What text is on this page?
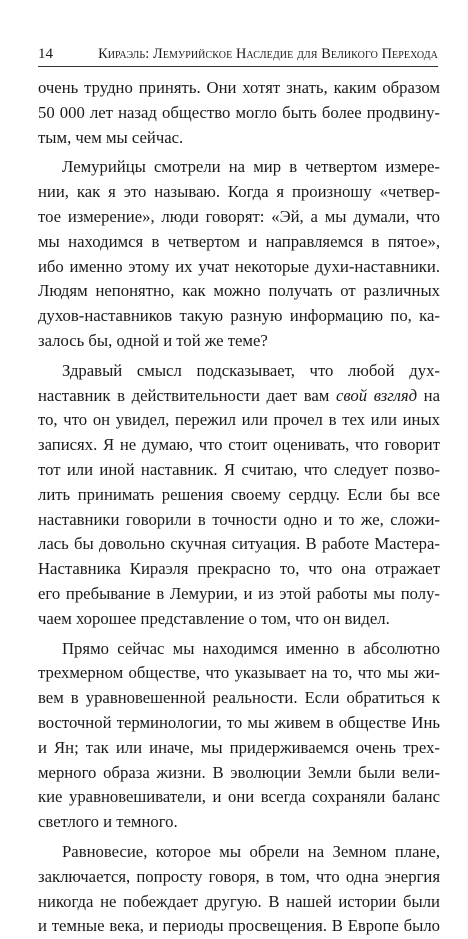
14	Кираэль: Лемурийское Наследие для Великого Перехода
очень трудно принять. Они хотят знать, каким образом
50 000 лет назад общество могло быть более продвину-
тым, чем мы сейчас.
Лемурийцы смотрели на мир в четвертом измере-
нии, как я это называю. Когда я произношу «четвер-
тое измерение», люди говорят: «Эй, а мы думали, что
мы находимся в четвертом и направляемся в пятое»,
ибо именно этому их учат некоторые духи-наставники.
Людям непонятно, как можно получать от различных
духов-наставников такую разную информацию по, ка-
залось бы, одной и той же теме?
Здравый смысл подсказывает, что любой дух-
наставник в действительности дает вам свой взгляд на
то, что он увидел, пережил или прочел в тех или иных
записях. Я не думаю, что стоит оценивать, что говорит
тот или иной наставник. Я считаю, что следует позво-
лить принимать решения своему сердцу. Если бы все
наставники говорили в точности одно и то же, сложи-
лась бы довольно скучная ситуация. В работе Мастера-
Наставника Кираэля прекрасно то, что она отражает
его пребывание в Лемурии, и из этой работы мы полу-
чаем хорошее представление о том, что он видел.
Прямо сейчас мы находимся именно в абсолютно
трехмерном обществе, что указывает на то, что мы жи-
вем в уравновешенной реальности. Если обратиться к
восточной терминологии, то мы живем в обществе Инь
и Ян; так или иначе, мы придерживаемся очень трех-
мерного образа жизни. В эволюции Земли были вели-
кие уравновешиватели, и они всегда сохраняли баланс
светлого и темного.
Равновесие, которое мы обрели на Земном плане,
заключается, попросту говоря, в том, что одна энергия
никогда не побеждает другую. В нашей истории были
и темные века, и периоды просвещения. В Европе было
